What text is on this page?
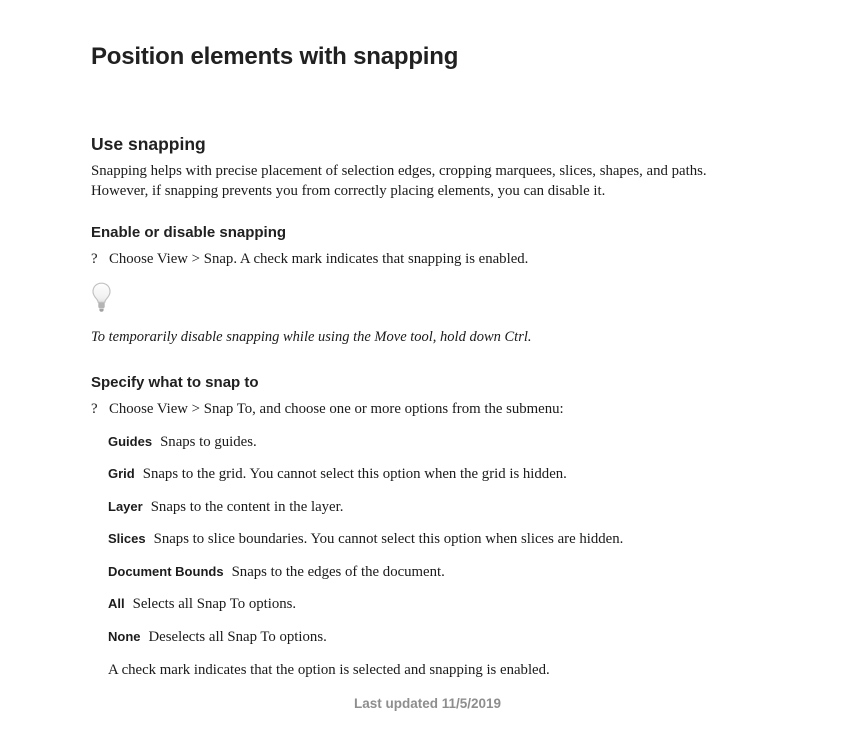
Position elements with snapping
Use snapping

Snapping helps with precise placement of selection edges, cropping marquees, slices, shapes, and paths. However, if snapping prevents you from correctly placing elements, you can disable it.

Enable or disable snapping
? Choose View > Snap. A check mark indicates that snapping is enabled.

To temporarily disable snapping while using the Move tool, hold down Ctrl.

Specify what to snap to
? Choose View > Snap To, and choose one or more options from the submenu:
Guides Snaps to guides.
Grid Snaps to the grid. You cannot select this option when the grid is hidden.
Layer Snaps to the content in the layer.
Slices Snaps to slice boundaries. You cannot select this option when slices are hidden.
Document Bounds Snaps to the edges of the document.
All Selects all Snap To options.
None Deselects all Snap To options.

A check mark indicates that the option is selected and snapping is enabled.

Last updated 11/5/2019
